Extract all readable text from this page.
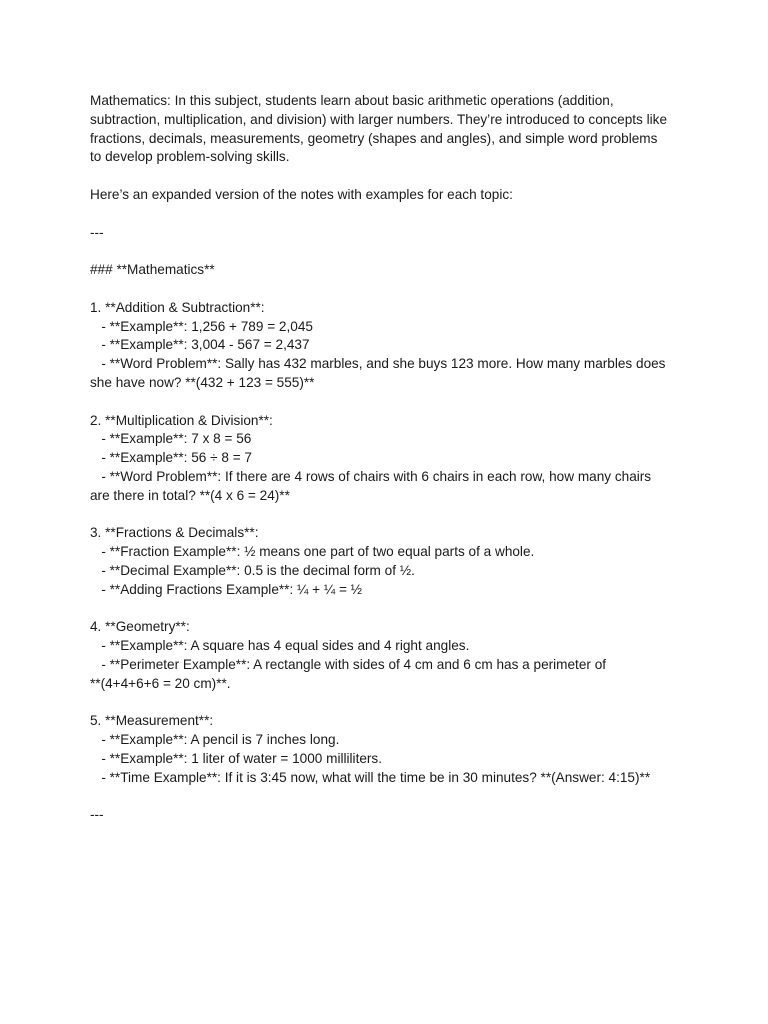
Mathematics: In this subject, students learn about basic arithmetic operations (addition,
subtraction, multiplication, and division) with larger numbers. They’re introduced to concepts like
fractions, decimals, measurements, geometry (shapes and angles), and simple word problems
to develop problem-solving skills.
Here’s an expanded version of the notes with examples for each topic:
---
### **Mathematics**
1. **Addition & Subtraction**:
- **Example**: 1,256 + 789 = 2,045
- **Example**: 3,004 - 567 = 2,437
- **Word Problem**: Sally has 432 marbles, and she buys 123 more. How many marbles does
she have now? **(432 + 123 = 555)**
2. **Multiplication & Division**:
- **Example**: 7 x 8 = 56
- **Example**: 56 ÷ 8 = 7
- **Word Problem**: If there are 4 rows of chairs with 6 chairs in each row, how many chairs
are there in total? **(4 x 6 = 24)**
3. **Fractions & Decimals**:
- **Fraction Example**: ½ means one part of two equal parts of a whole.
- **Decimal Example**: 0.5 is the decimal form of ½.
- **Adding Fractions Example**: ¼ + ¼ = ½
4. **Geometry**:
- **Example**: A square has 4 equal sides and 4 right angles.
- **Perimeter Example**: A rectangle with sides of 4 cm and 6 cm has a perimeter of
**(4+4+6+6 = 20 cm)**.
5. **Measurement**:
- **Example**: A pencil is 7 inches long.
- **Example**: 1 liter of water = 1000 milliliters.
- **Time Example**: If it is 3:45 now, what will the time be in 30 minutes? **(Answer: 4:15)**
---
